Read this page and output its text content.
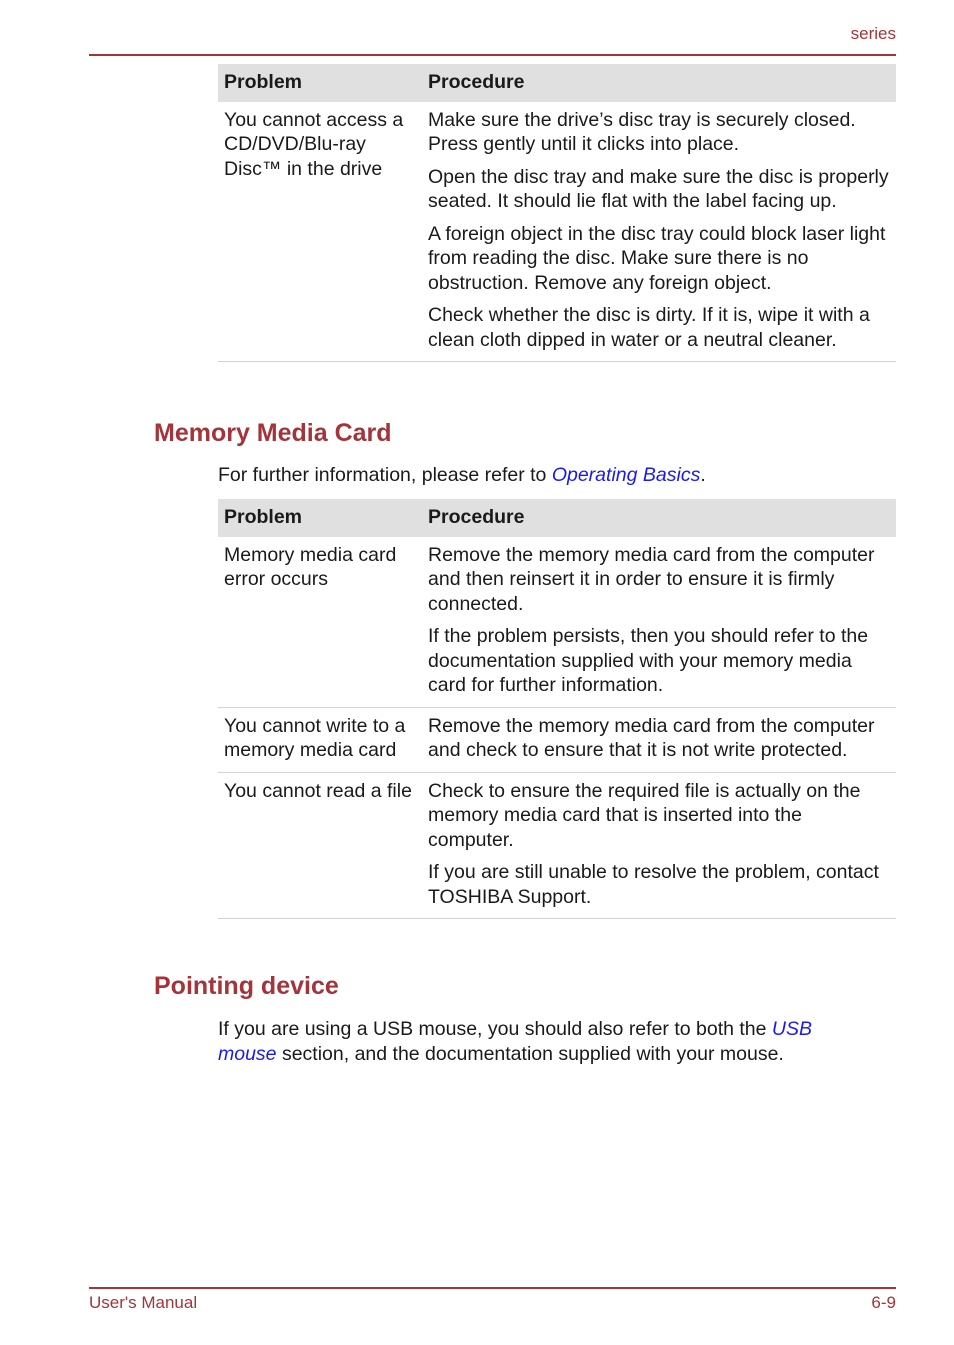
series
Problem	Procedure
You cannot access a CD/DVD/Blu-ray Disc™ in the drive	Make sure the drive’s disc tray is securely closed. Press gently until it clicks into place.

Open the disc tray and make sure the disc is properly seated. It should lie flat with the label facing up.

A foreign object in the disc tray could block laser light from reading the disc. Make sure there is no obstruction. Remove any foreign object.

Check whether the disc is dirty. If it is, wipe it with a clean cloth dipped in water or a neutral cleaner.

Memory Media Card

For further information, please refer to Operating Basics.

Problem	Procedure
Memory media card error occurs	Remove the memory media card from the computer and then reinsert it in order to ensure it is firmly connected.

If the problem persists, then you should refer to the documentation supplied with your memory media card for further information.

You cannot write to a memory media card	Remove the memory media card from the computer and check to ensure that it is not write protected.

You cannot read a file	Check to ensure the required file is actually on the memory media card that is inserted into the computer.

If you are still unable to resolve the problem, contact TOSHIBA Support.

Pointing device

If you are using a USB mouse, you should also refer to both the USB mouse section, and the documentation supplied with your mouse.

User's Manual	6-9
